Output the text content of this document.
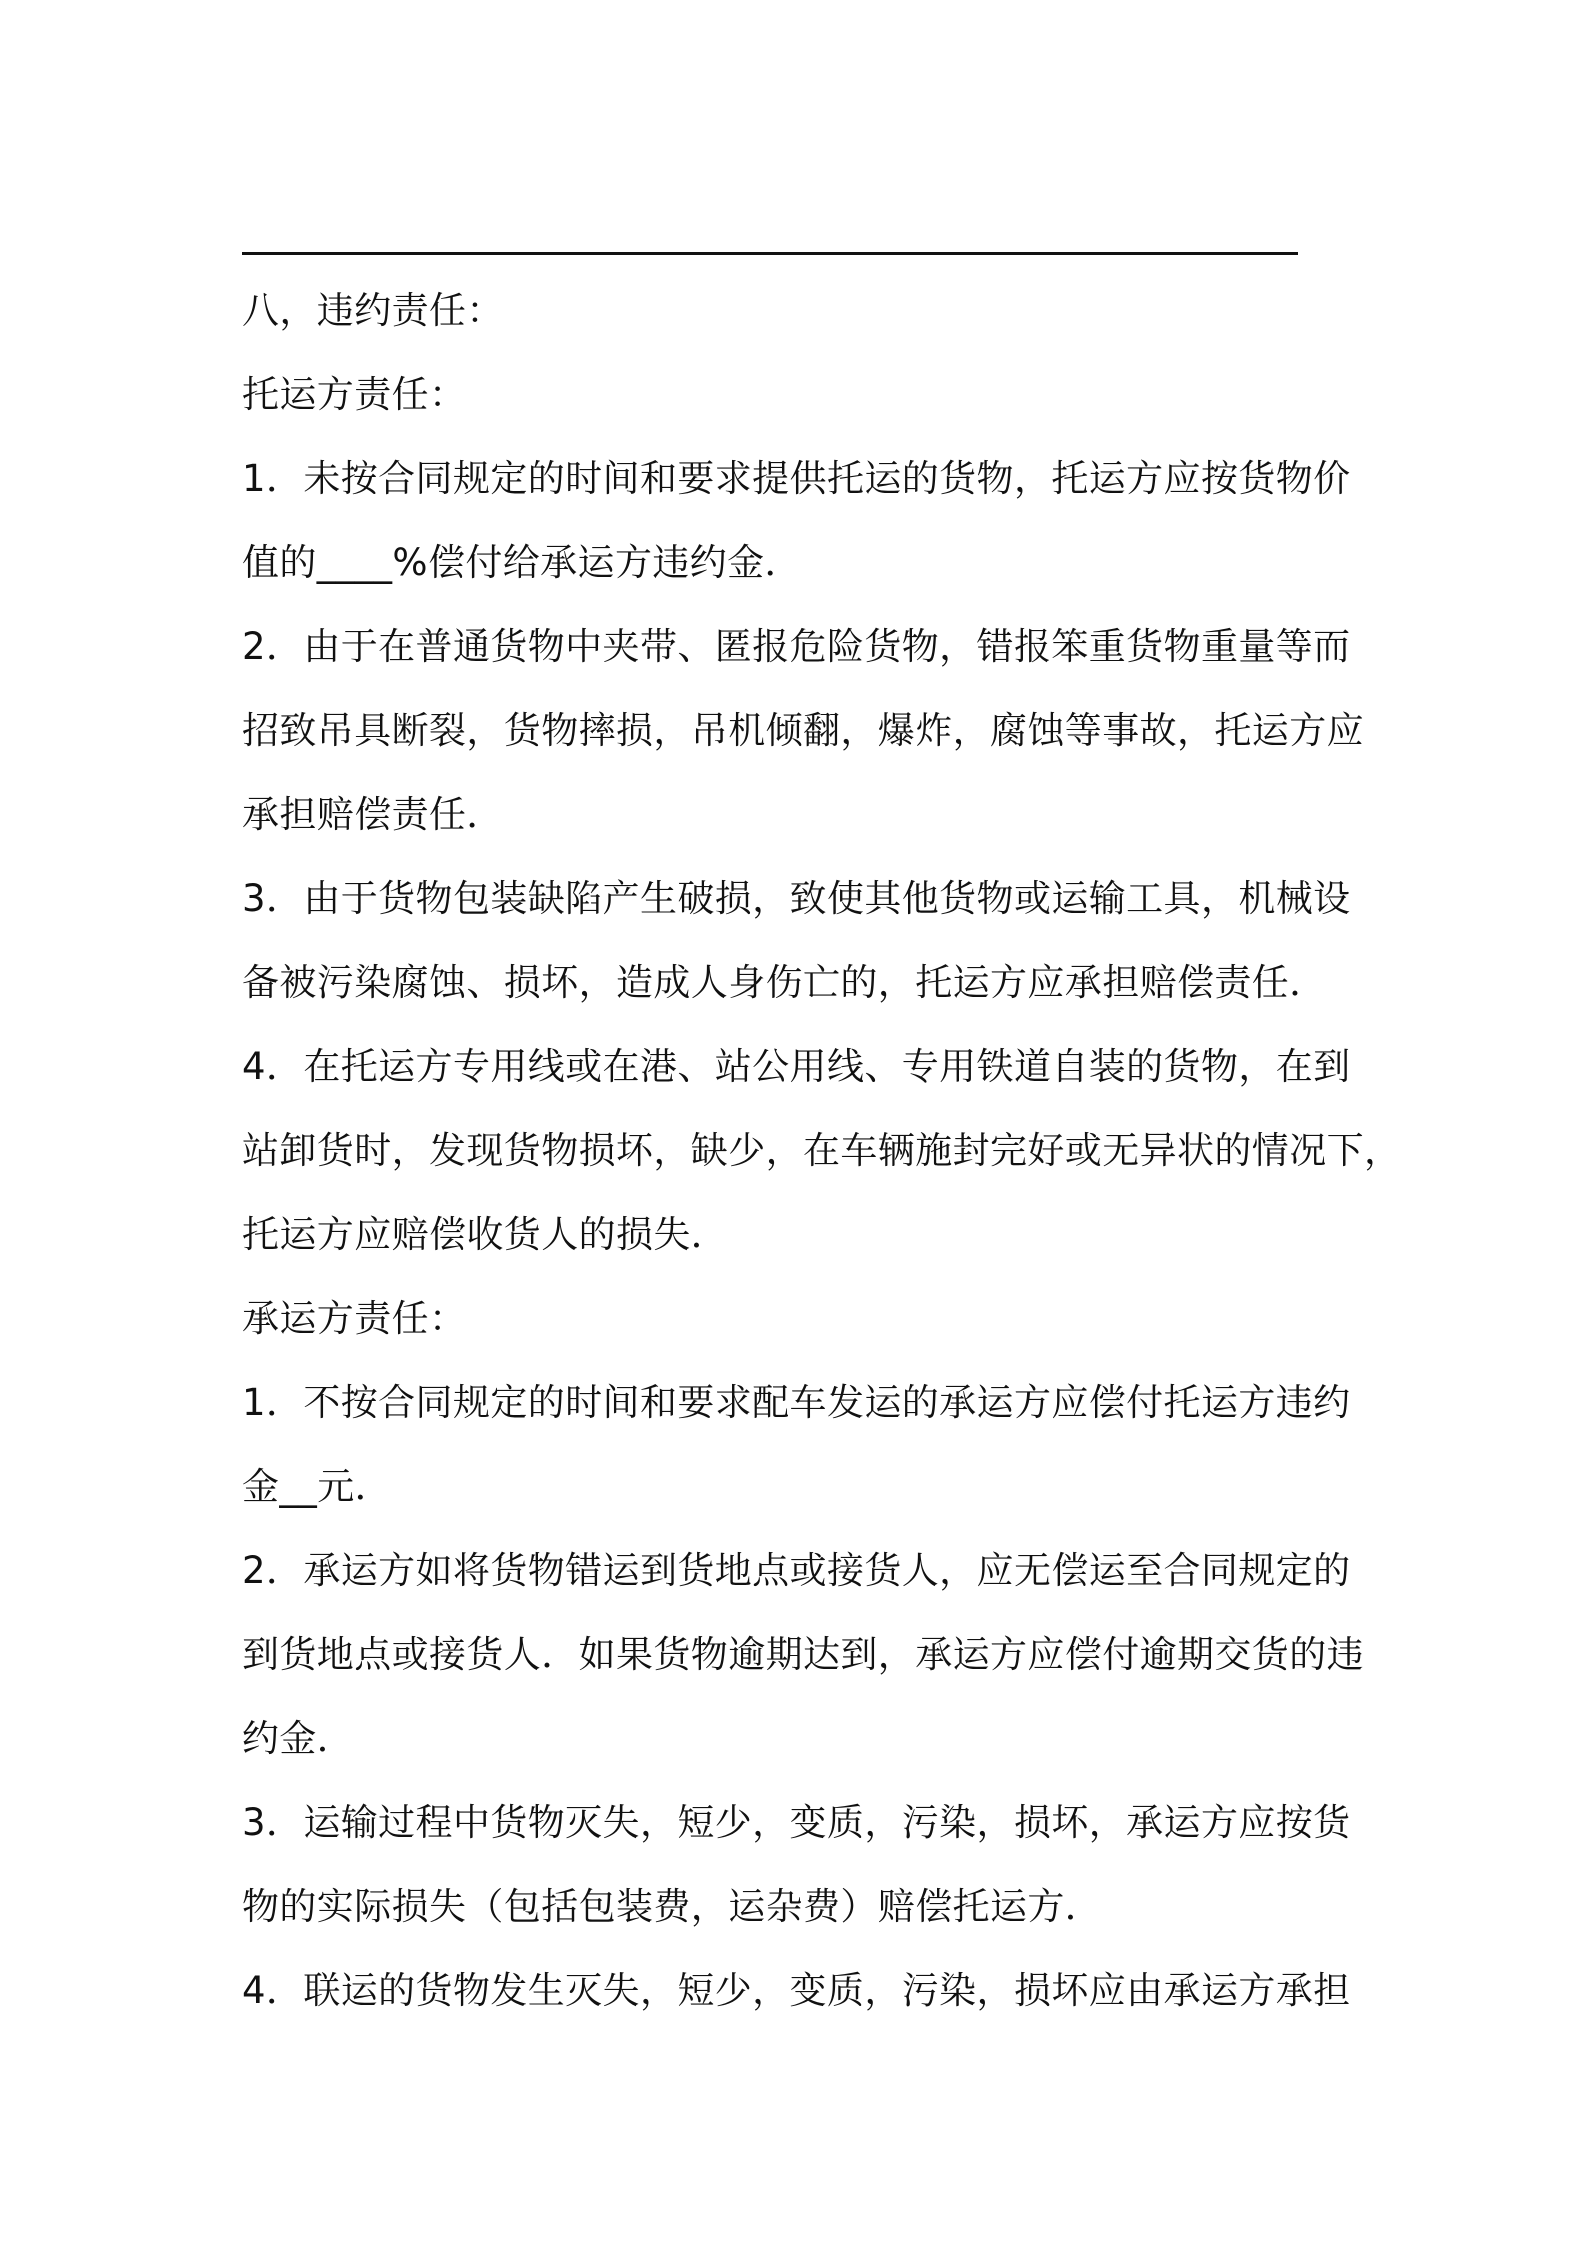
八，违约责任：
托运方责任：
1．未按合同规定的时间和要求提供托运的货物，托运方应按货物价
值的____%偿付给承运方违约金．
2．由于在普通货物中夹带、匿报危险货物，错报笨重货物重量等而
招致吊具断裂，货物摔损，吊机倾翻，爆炸，腐蚀等事故，托运方应
承担赔偿责任．
3．由于货物包装缺陷产生破损，致使其他货物或运输工具，机械设
备被污染腐蚀、损坏，造成人身伤亡的，托运方应承担赔偿责任．
4．在托运方专用线或在港、站公用线、专用铁道自装的货物，在到
站卸货时，发现货物损坏，缺少，在车辆施封完好或无异状的情况下，
托运方应赔偿收货人的损失．
承运方责任：
1．不按合同规定的时间和要求配车发运的承运方应偿付托运方违约
金__元．
2．承运方如将货物错运到货地点或接货人，应无偿运至合同规定的
到货地点或接货人．如果货物逾期达到，承运方应偿付逾期交货的违
约金．
3．运输过程中货物灭失，短少，变质，污染，损坏，承运方应按货
物的实际损失（包括包装费，运杂费）赔偿托运方．
4．联运的货物发生灭失，短少，变质，污染，损坏应由承运方承担
